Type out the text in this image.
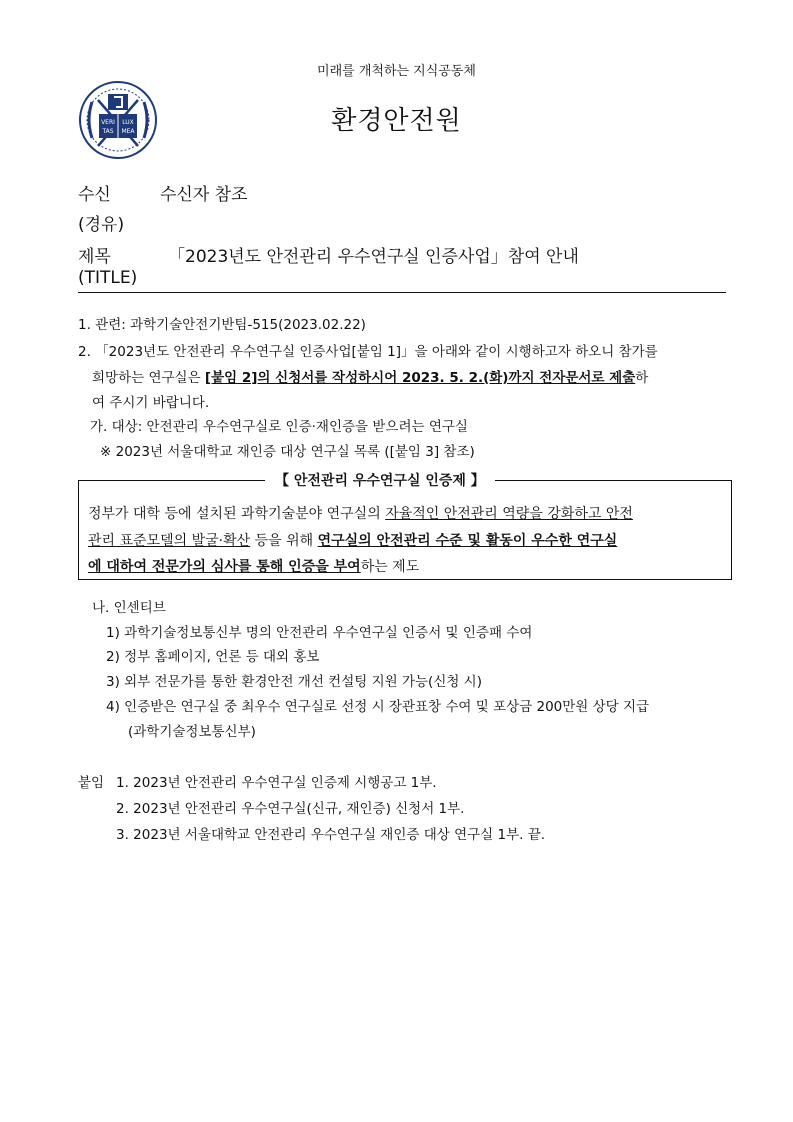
미래를 개척하는 지식공동체
VERI LUX
TAS MEA	환경안전원
수신	수신자 참조
(경유)
제목	「2023년도 안전관리 우수연구실 인증사업」참여 안내
(TITLE)
1. 관련: 과학기술안전기반팀-515(2023.02.22)
2. 「2023년도 안전관리 우수연구실 인증사업[붙임 1]」을 아래와 같이 시행하고자 하오니 참가를
희망하는 연구실은 [붙임 2]의 신청서를 작성하시어 2023. 5. 2.(화)까지 전자문서로 제출하
여 주시기 바랍니다.
가. 대상: 안전관리 우수연구실로 인증·재인증을 받으려는 연구실
※ 2023년 서울대학교 재인증 대상 연구실 목록 ([붙임 3] 참조)
【 안전관리 우수연구실 인증제 】
정부가 대학 등에 설치된 과학기술분야 연구실의 자율적인 안전관리 역량을 강화하고 안전
관리 표준모델의 발굴·확산 등을 위해 연구실의 안전관리 수준 및 활동이 우수한 연구실
에 대하여 전문가의 심사를 통해 인증을 부여하는 제도
나. 인센티브
1) 과학기술정보통신부 명의 안전관리 우수연구실 인증서 및 인증패 수여
2) 정부 홈페이지, 언론 등 대외 홍보
3) 외부 전문가를 통한 환경안전 개선 컨설팅 지원 가능(신청 시)
4) 인증받은 연구실 중 최우수 연구실로 선정 시 장관표창 수여 및 포상금 200만원 상당 지급
(과학기술정보통신부)
붙임 1. 2023년 안전관리 우수연구실 인증제 시행공고 1부.
2. 2023년 안전관리 우수연구실(신규, 재인증) 신청서 1부.
3. 2023년 서울대학교 안전관리 우수연구실 재인증 대상 연구실 1부. 끝.
